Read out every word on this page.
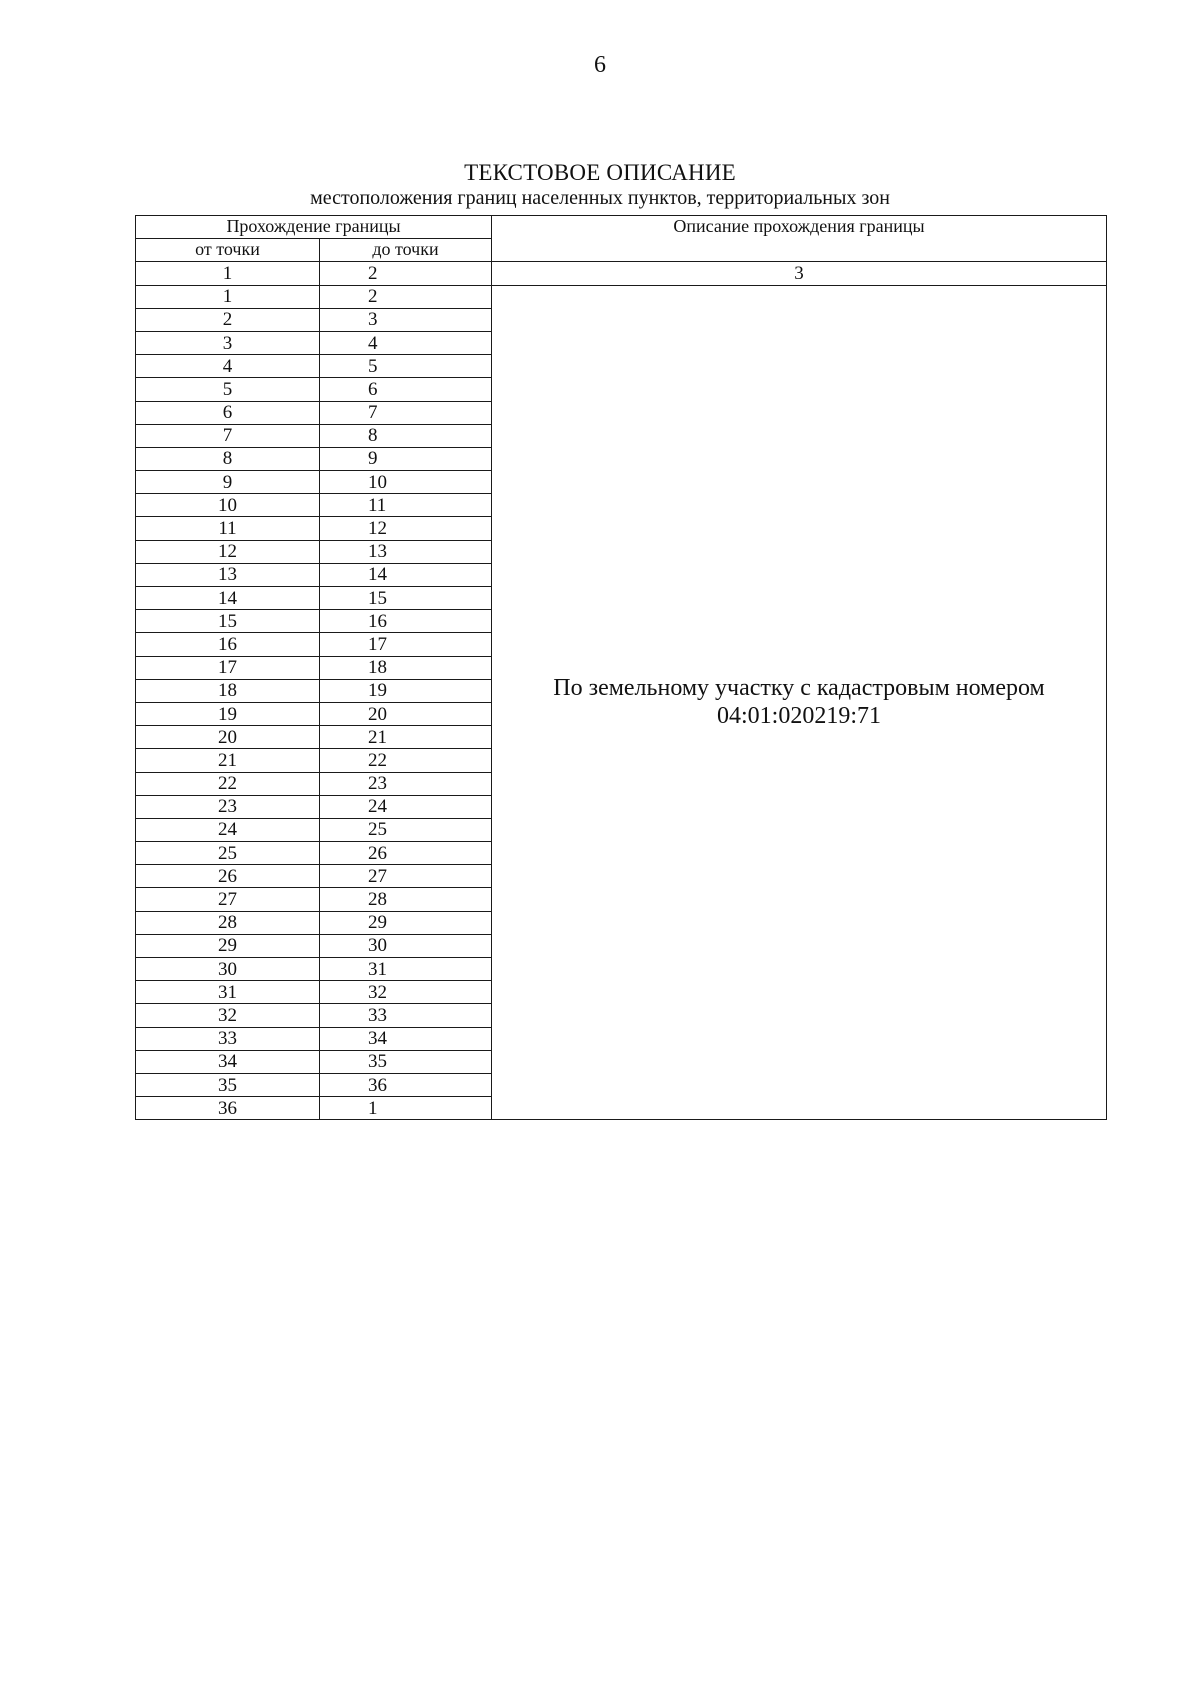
6
ТЕКСТОВОЕ ОПИСАНИЕ
местоположения границ населенных пунктов, территориальных зон
Прохождение границы		Описание прохождения границы
от точки	до точки	
1	2	3
1	2	По земельному участку с кадастровым номером
04:01:020219:71

2	3	
3	4	
4	5	
5	6	
6	7	
7	8	
8	9	
9	10	
10	11	
11	12	
12	13	
13	14	
14	15	
15	16	
16	17	
17	18	
18	19	
19	20	
20	21	
21	22	
22	23	
23	24	
24	25	
25	26	
26	27	
27	28	
28	29	
29	30	
30	31	
31	32	
32	33	
33	34	
34	35	
35	36	
36	1	
